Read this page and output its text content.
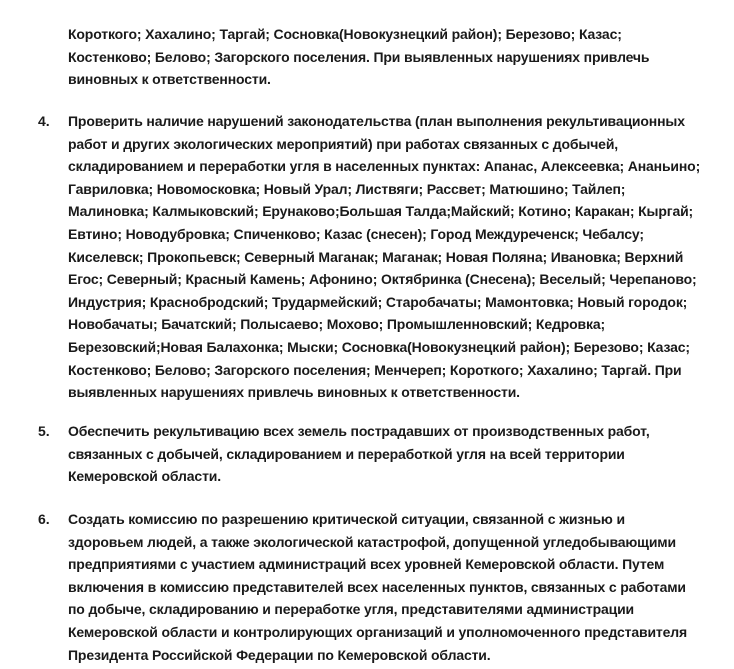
Короткого; Хахалино; Таргай; Сосновка(Новокузнецкий район); Березово; Казас;
Костенково; Белово; Загорского поселения. При выявленных нарушениях привлечь
виновных к ответственности.
4.	Проверить наличие нарушений законодательства (план выполнения рекультивационных
работ и других экологических мероприятий) при работах связанных с добычей,
складированием и переработки угля в населенных пунктах: Апанас, Алексеевка; Ананьино;
Гавриловка; Новомосковка; Новый Урал; Листвяги; Рассвет; Матюшино; Тайлеп;
Малиновка; Калмыковский; Ерунаково;Большая Талда;Майский; Котино; Каракан; Кыргай;
Евтино; Новодубровка; Спиченково; Казас (снесен); Город Междуреченск; Чебалсу;
Киселевск; Прокопьевск; Северный Маганак; Маганак; Новая Поляна; Ивановка; Верхний
Егос; Северный; Красный Камень; Афонино; Октябринка (Снесена); Веселый; Черепаново;
Индустрия; Краснобродский; Трудармейский; Старобачаты; Мамонтовка; Новый городок;
Новобачаты; Бачатский; Полысаево; Мохово; Промышленновский; Кедровка;
Березовский;Новая Балахонка; Мыски; Сосновка(Новокузнецкий район); Березово; Казас;
Костенково; Белово; Загорского поселения; Менчереп; Короткого; Хахалино; Таргай. При
выявленных нарушениях привлечь виновных к ответственности.
5.	Обеспечить рекультивацию всех земель пострадавших от производственных работ,
связанных с добычей, складированием и переработкой угля на всей территории
Кемеровской области.
6.	Создать комиссию по разрешению критической ситуации, связанной с жизнью и
здоровьем людей, а также экологической катастрофой, допущенной угледобывающими
предприятиями с участием администраций всех уровней Кемеровской области. Путем
включения в комиссию представителей всех населенных пунктов, связанных с работами
по добыче, складированию и переработке угля, представителями администрации
Кемеровской области и контролирующих организаций и уполномоченного представителя
Президента Российской Федерации по Кемеровской области.
